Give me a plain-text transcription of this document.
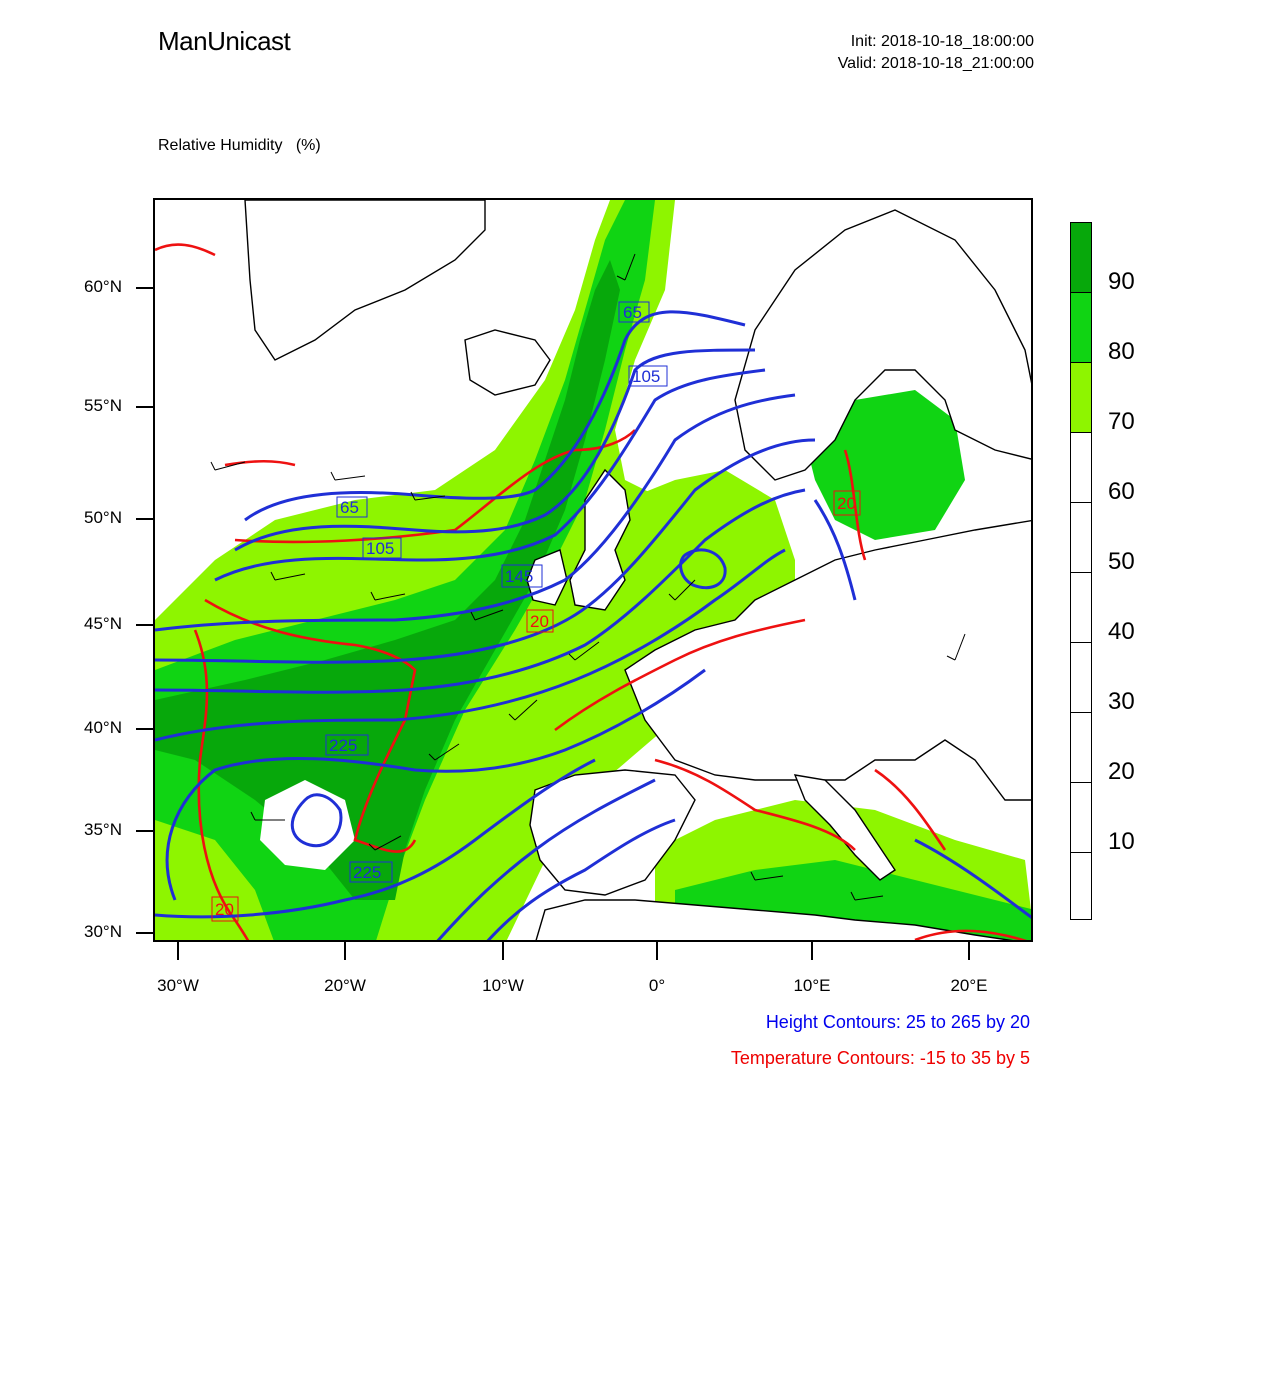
ManUnicast	Init: 2018-10-18_18:00:00
Valid: 2018-10-18_21:00:00

Relative Humidity   (%)

65
105
65
105
145
225
225
20
20
20
60°N
55°N
50°N
45°N
40°N
35°N
30°N
30°W	20°W	10°W	0°	10°E	20°E
Height Contours: 25 to 265 by 20
Temperature Contours: -15 to 35 by 5
90
80
70
60
50
40
30
20
10
